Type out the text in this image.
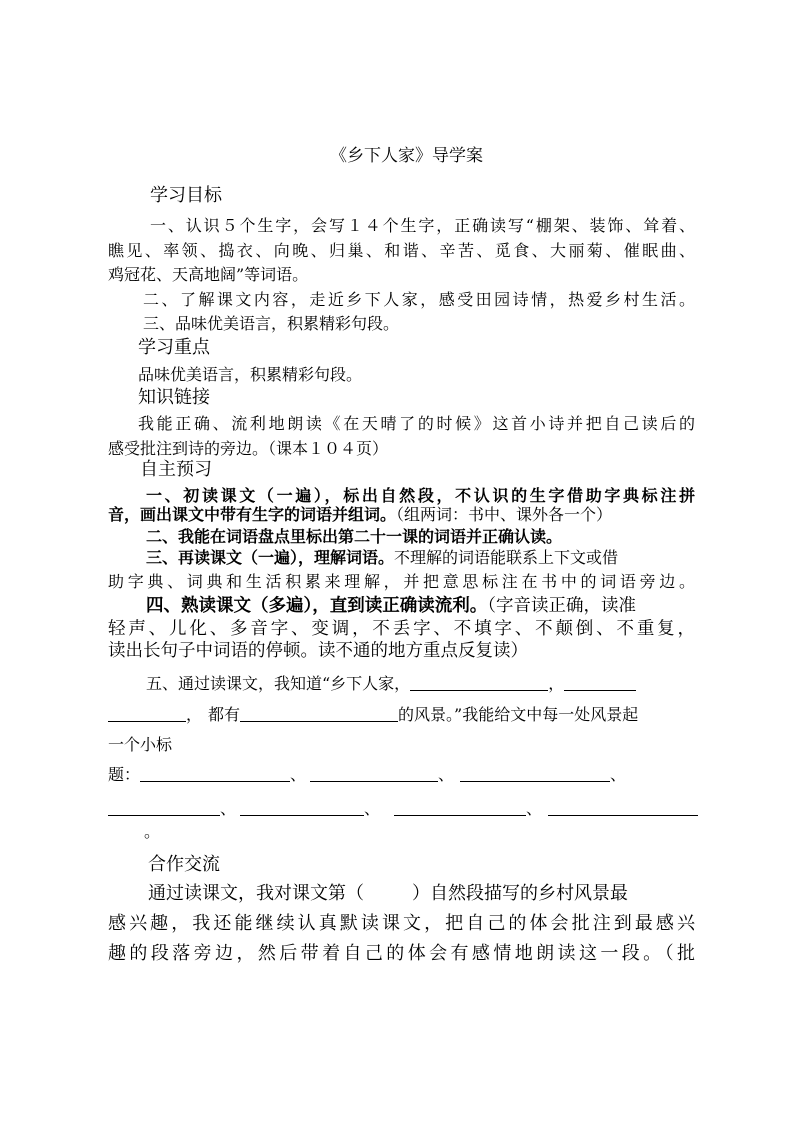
《乡下人家》导学案
学习目标
一、认识５个生字，会写１４个生字，正确读写“棚架、装饰、耸着、
瞧见、率领、捣衣、向晚、归巢、和谐、辛苦、觅食、大丽菊、催眠曲、
鸡冠花、天高地阔”等词语。
二、了解课文内容，走近乡下人家，感受田园诗情，热爱乡村生活。
三、品味优美语言，积累精彩句段。
学习重点
品味优美语言，积累精彩句段。
知识链接
我能正确、流利地朗读《在天晴了的时候》这首小诗并把自己读后的
感受批注到诗的旁边。（课本１０４页）
自主预习
一、初读课文（一遍），标出自然段，不认识的生字借助字典标注拼
音，画出课文中带有生字的词语并组词。（组两词：书中、课外各一个）
二、我能在词语盘点里标出第二十一课的词语并正确认读。
三、再读课文（一遍），理解词语。不理解的词语能联系上下文或借
助字典、词典和生活积累来理解，并把意思标注在书中的词语旁边。
四、熟读课文（多遍），直到读正确读流利。（字音读正确，读准
轻声、儿化、多音字、变调，不丢字、不填字、不颠倒、不重复，
读出长句子中词语的停顿。读不通的地方重点反复读）
五、通过读课文，我知道“乡下人家，	，
， 都有	的风景。”我能给文中每一处风景起
一个小标
题：	、	、	、
、	、	、
。
合作交流
通过读课文，我对课文第（	）自然段描写的乡村风景最
感兴趣，我还能继续认真默读课文，把自己的体会批注到最感兴
趣的段落旁边，然后带着自己的体会有感情地朗读这一段。（批
